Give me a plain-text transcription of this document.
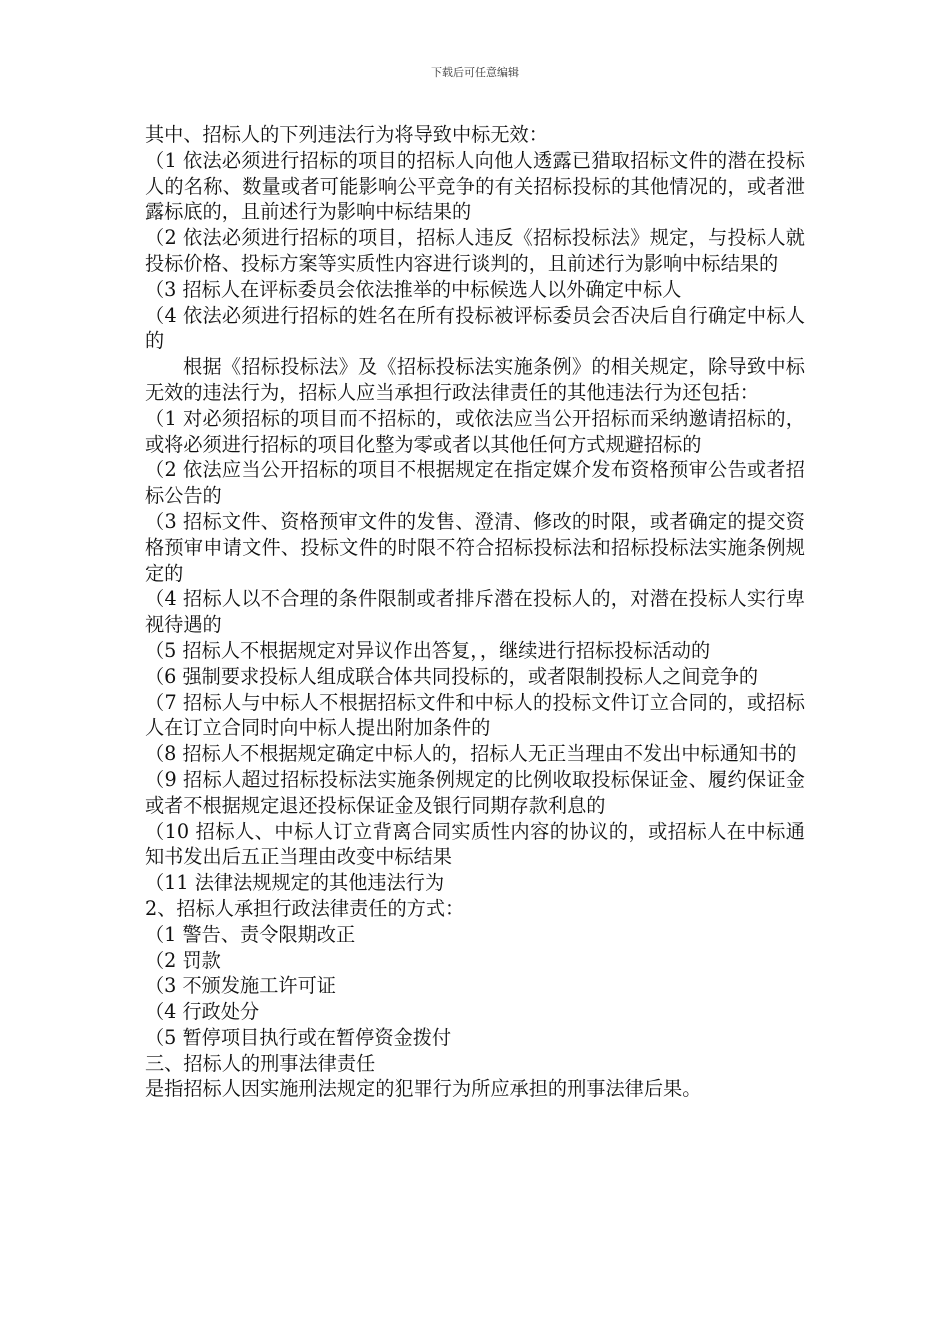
下载后可任意编辑

其中、招标人的下列违法行为将导致中标无效：

（1 依法必须进行招标的项目的招标人向他人透露已猎取招标文件的潜在投标人的名称、数量或者可能影响公平竞争的有关招标投标的其他情况的，或者泄露标底的，且前述行为影响中标结果的

（2 依法必须进行招标的项目，招标人违反《招标投标法》规定，与投标人就投标价格、投标方案等实质性内容进行谈判的，且前述行为影响中标结果的

（3 招标人在评标委员会依法推举的中标候选人以外确定中标人

（4 依法必须进行招标的姓名在所有投标被评标委员会否决后自行确定中标人的

根据《招标投标法》及《招标投标法实施条例》的相关规定，除导致中标无效的违法行为，招标人应当承担行政法律责任的其他违法行为还包括：

（1 对必须招标的项目而不招标的，或依法应当公开招标而采纳邀请招标的，或将必须进行招标的项目化整为零或者以其他任何方式规避招标的

（2 依法应当公开招标的项目不根据规定在指定媒介发布资格预审公告或者招标公告的

（3 招标文件、资格预审文件的发售、澄清、修改的时限，或者确定的提交资格预审申请文件、投标文件的时限不符合招标投标法和招标投标法实施条例规定的

（4 招标人以不合理的条件限制或者排斥潜在投标人的，对潜在投标人实行卑视待遇的

（5 招标人不根据规定对异议作出答复，，继续进行招标投标活动的

（6 强制要求投标人组成联合体共同投标的，或者限制投标人之间竞争的

（7 招标人与中标人不根据招标文件和中标人的投标文件订立合同的，或招标人在订立合同时向中标人提出附加条件的

（8 招标人不根据规定确定中标人的，招标人无正当理由不发出中标通知书的

（9 招标人超过招标投标法实施条例规定的比例收取投标保证金、履约保证金或者不根据规定退还投标保证金及银行同期存款利息的

（10 招标人、中标人订立背离合同实质性内容的协议的，或招标人在中标通知书发出后五正当理由改变中标结果

（11 法律法规规定的其他违法行为

2、招标人承担行政法律责任的方式：

（1 警告、责令限期改正

（2 罚款

（3 不颁发施工许可证

（4 行政处分

（5 暂停项目执行或在暂停资金拨付

三、招标人的刑事法律责任

是指招标人因实施刑法规定的犯罪行为所应承担的刑事法律后果。
